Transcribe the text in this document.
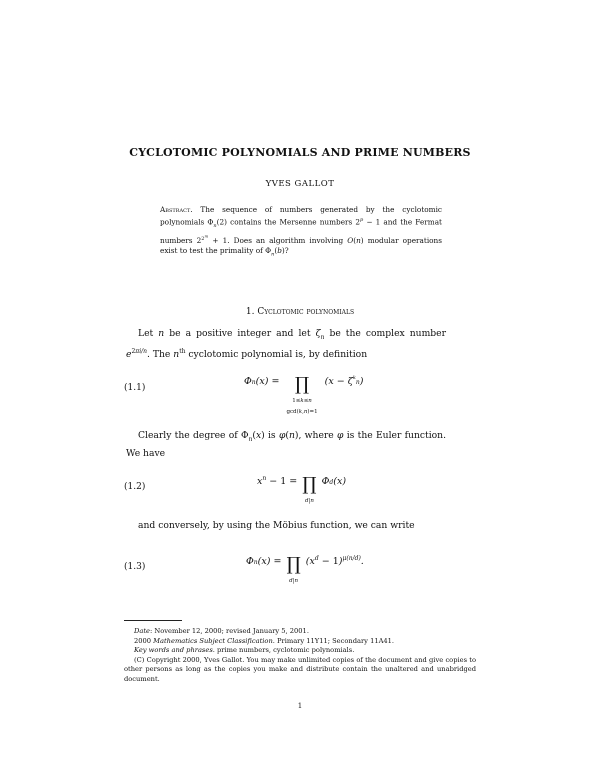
CYCLOTOMIC POLYNOMIALS AND PRIME NUMBERS
YVES GALLOT
Abstract. The sequence of numbers generated by the cyclotomic polynomials $\Phi_n(2)$ contains the Mersenne numbers $2^p - 1$ and the Fermat numbers $2^{2^m} + 1$. Does an algorithm involving O(n) modular operations exist to test the primality of $\Phi_n(b)$?
1. Cyclotomic polynomials
Let n be a positive integer and let $\zeta_n$ be the complex number $e^{2\pi i/n}$. The $n^{th}$ cyclotomic polynomial is, by definition
(1.1)
Φn(x) = ∏
1≤k≤n
gcd(k,n)=1 $(x - \zeta^kn)$
Clearly the degree of $\Phi_n(x)$ is φ(n), where φ is the Euler function. We have
(1.2)	$x^n - 1$ = ∏
d|n Φd(x)
and conversely, by using the Möbius function, we can write
(1.3)	Φn(x) = ∏
d|n $(x^d - 1)^{\mu(n/d)}$.
Date: November 12, 2000; revised January 5, 2001.
2000 Mathematics Subject Classification. Primary 11Y11; Secondary 11A41.
Key words and phrases. prime numbers, cyclotomic polynomials.
(C) Copyright 2000, Yves Gallot. You may make unlimited copies of the document and give copies to other persons as long as the copies you make and distribute contain the unaltered and unabridged document.
1
